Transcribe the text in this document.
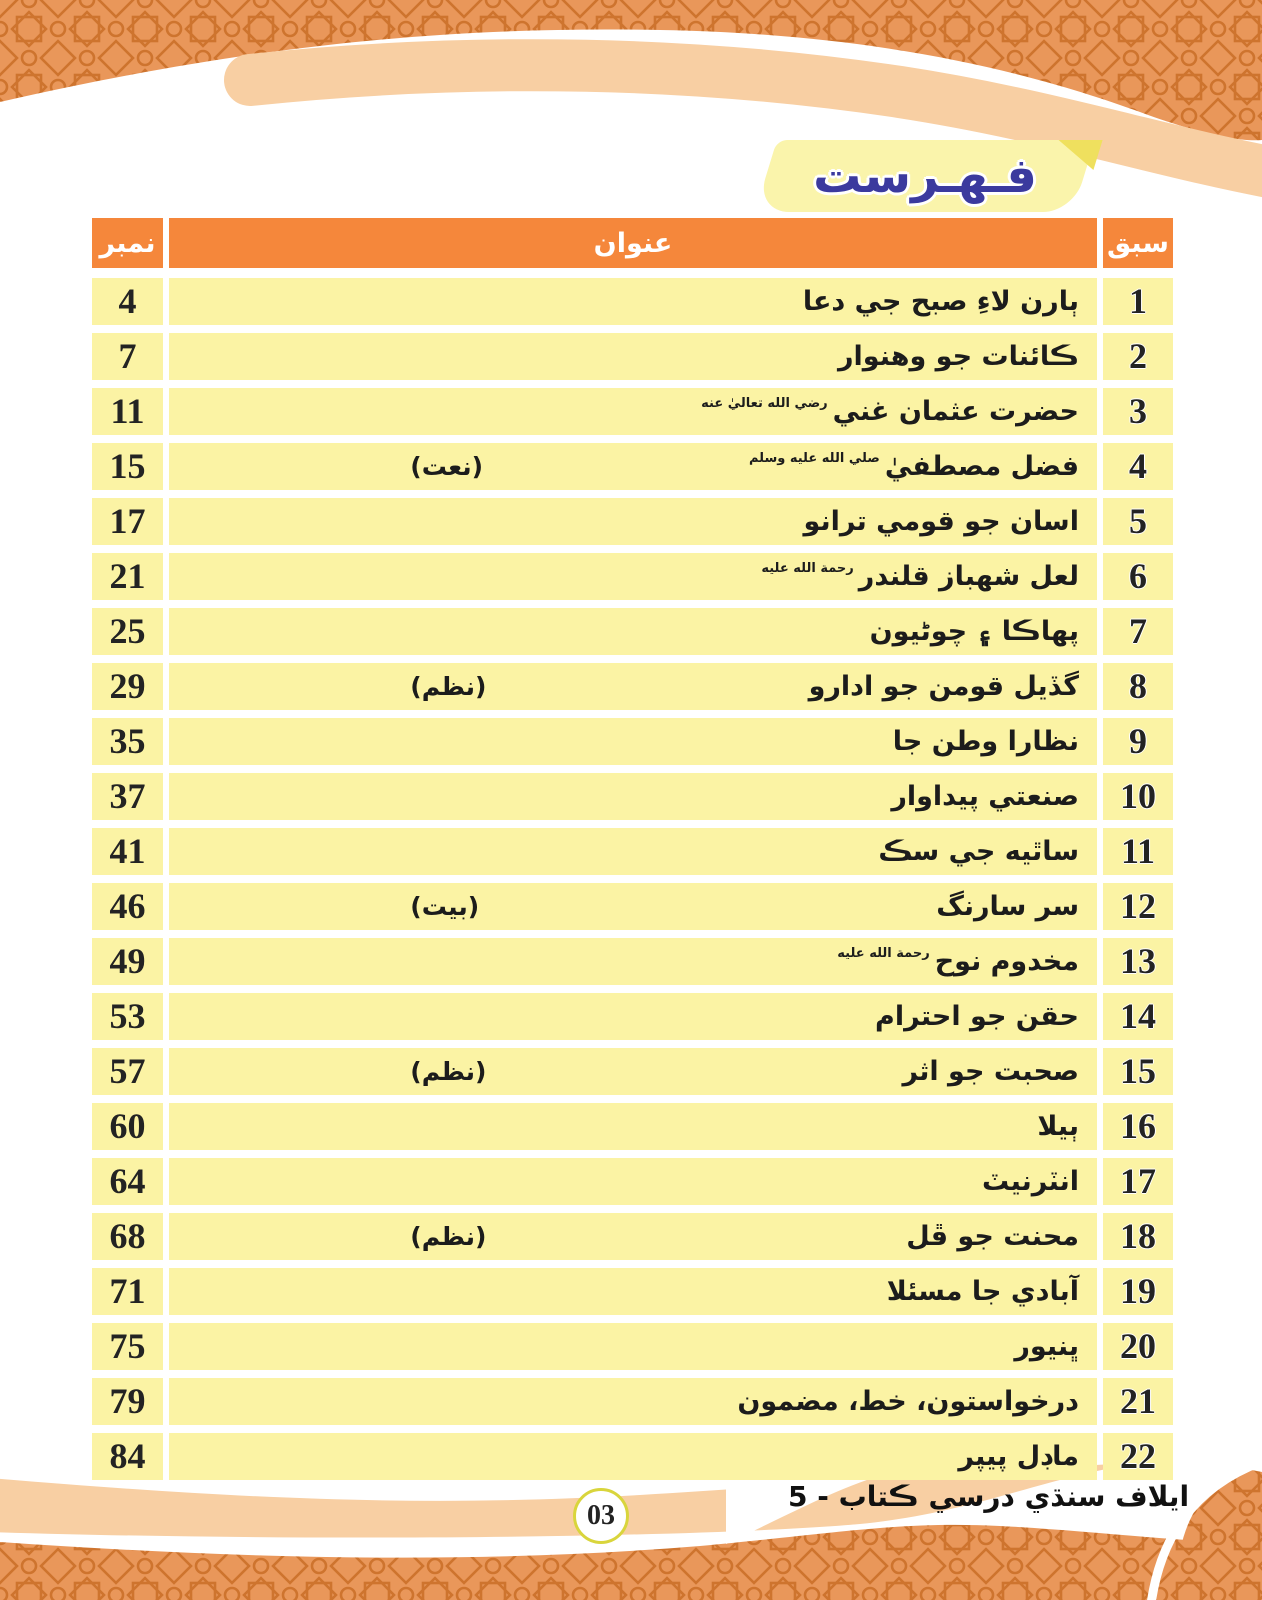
فـهـرست
سبق
عنوان
نمبر
1
ٻارن لاءِ صبح جي دعا
4
2
ڪائنات جو وهنوار
7
3
حضرت عثمان غني
رضي الله تعاليٰ عنه
11
4
فضل مصطفيٰ
صلي الله عليه وسلم
(نعت)
15
5
اسان جو قومي ترانو
17
6
لعل شهباز قلندر
رحمة الله عليه
21
7
پهاڪا ۽ چوڻيون
25
8
گڏيل قومن جو ادارو
(نظم)
29
9
نظارا وطن جا
35
10
صنعتي پيداوار
37
11
ساٿيه جي سڪ
41
12
سر سارنگ
(بيت)
46
13
مخدوم نوح
رحمة الله عليه
49
14
حقن جو احترام
53
15
صحبت جو اثر
(نظم)
57
16
ٻيلا
60
17
انٽرنيٽ
64
18
محنت جو ڦل
(نظم)
68
19
آبادي جا مسئلا
71
20
ڀنيور
75
21
درخواستون، خط، مضمون
79
22
ماڊل پيپر
84
ايلاف سنڌي درسي ڪتاب - 5
03
